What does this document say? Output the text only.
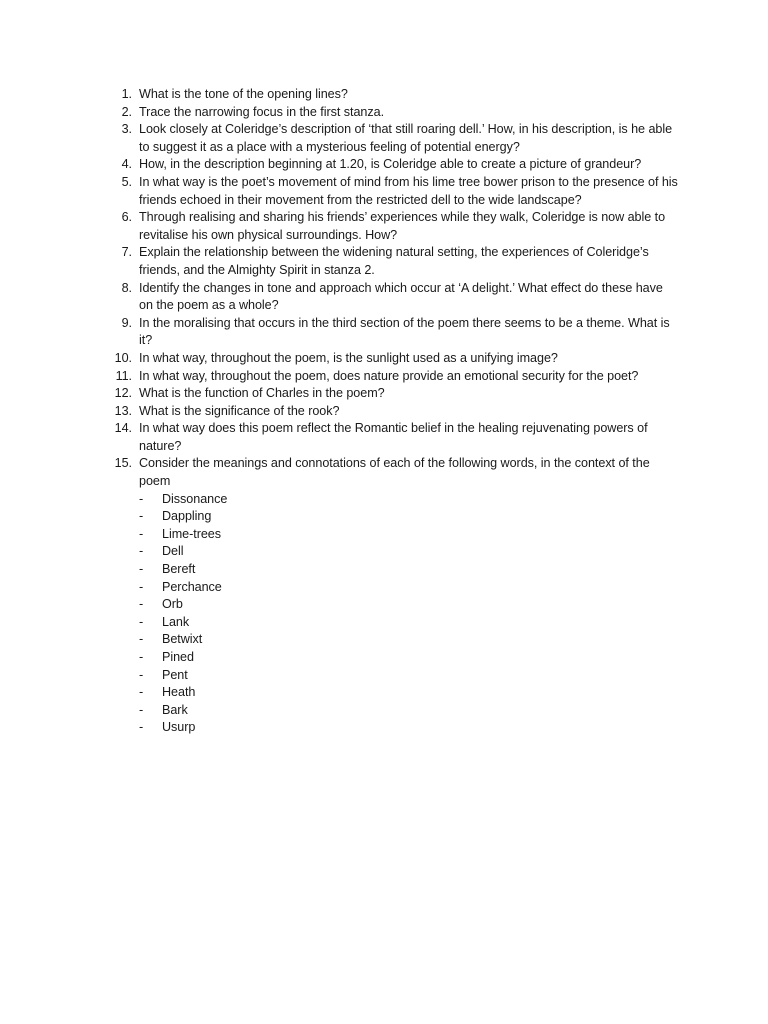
1. What is the tone of the opening lines?
2. Trace the narrowing focus in the first stanza.
3. Look closely at Coleridge’s description of ‘that still roaring dell.’ How, in his description, is he able to suggest it as a place with a mysterious feeling of potential energy?
4. How, in the description beginning at 1.20, is Coleridge able to create a picture of grandeur?
5. In what way is the poet’s movement of mind from his lime tree bower prison to the presence of his friends echoed in their movement from the restricted dell to the wide landscape?
6. Through realising and sharing his friends’ experiences while they walk, Coleridge is now able to revitalise his own physical surroundings. How?
7. Explain the relationship between the widening natural setting, the experiences of Coleridge’s friends, and the Almighty Spirit in stanza 2.
8. Identify the changes in tone and approach which occur at ‘A delight.’ What effect do these have on the poem as a whole?
9. In the moralising that occurs in the third section of the poem there seems to be a theme. What is it?
10. In what way, throughout the poem, is the sunlight used as a unifying image?
11. In what way, throughout the poem, does nature provide an emotional security for the poet?
12. What is the function of Charles in the poem?
13. What is the significance of the rook?
14. In what way does this poem reflect the Romantic belief in the healing rejuvenating powers of nature?
15. Consider the meanings and connotations of each of the following words, in the context of the poem
- Dissonance
- Dappling
- Lime-trees
- Dell
- Bereft
- Perchance
- Orb
- Lank
- Betwixt
- Pined
- Pent
- Heath
- Bark
- Usurp
